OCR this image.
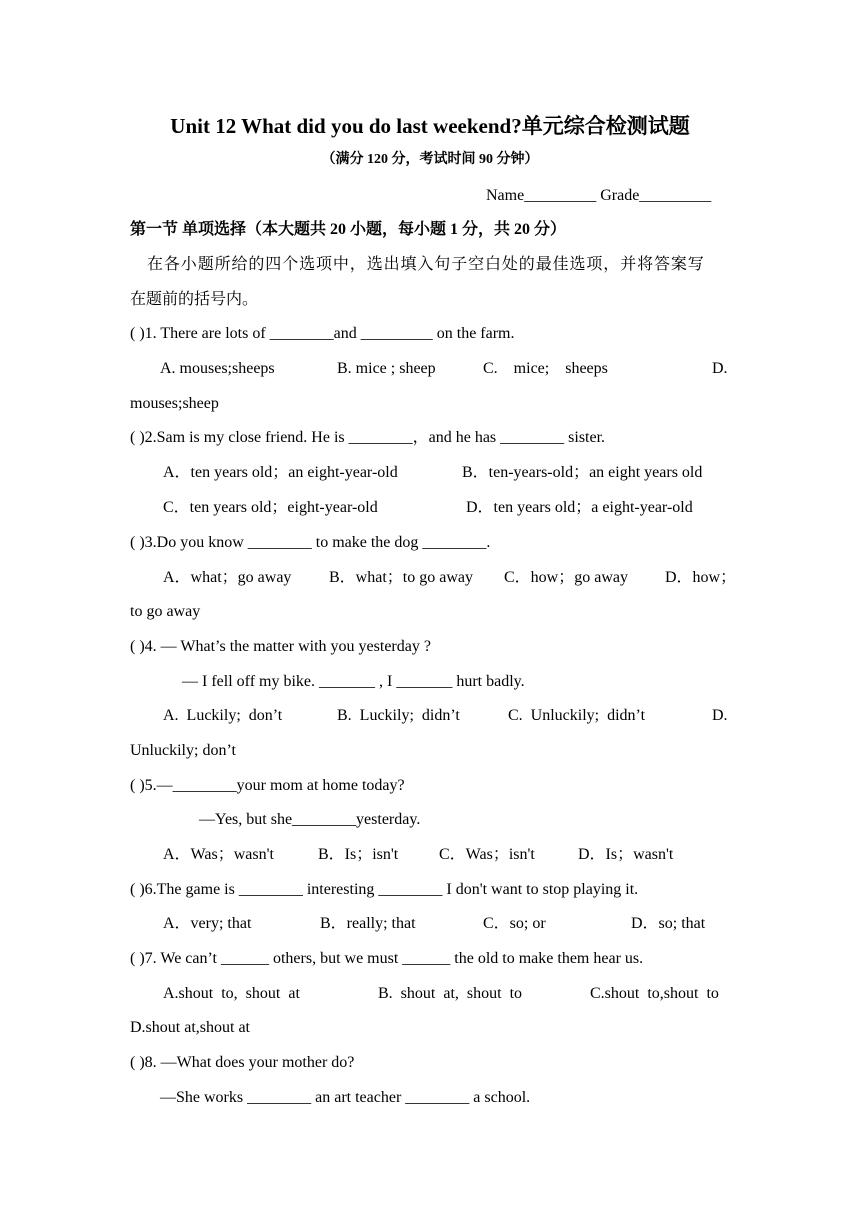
Unit 12 What did you do last weekend?单元综合检测试题
（满分 120 分，考试时间 90 分钟）
Name_________ Grade_________
第一节 单项选择（本大题共 20 小题，每小题 1 分，共 20 分）
在各小题所给的四个选项中，选出填入句子空白处的最佳选项，并将答案写
在题前的括号内。
( )1. There are lots of ________and _________ on the farm.
A. mouses;sheeps	B. mice ; sheep	C.    mice;    sheeps	D.
mouses;sheep
( )2.Sam is my close friend. He is ________，and he has ________ sister.
A．ten years old；an eight-year-old	B．ten-years-old；an eight years old
C．ten years old；eight-year-old	D．ten years old；a eight-year-old
( )3.Do you know ________ to make the dog ________.
A．what；go away B．what；to go away C．how；go away D．how；
to go away
( )4. — What’s the matter with you yesterday ?
— I fell off my bike. _______ , I _______ hurt badly.
A.  Luckily;  don’t	B.  Luckily;  didn’t	C.  Unluckily;  didn’t	D.
Unluckily; don’t
( )5.—________your mom at home today?
—Yes, but she________yesterday.
A．Was；wasn't	B．Is；isn't	C．Was；isn't	D．Is；wasn't
( )6.The game is ________ interesting ________ I don't want to stop playing it.
A．very; that	B．really; that	C．so; or	D．so; that
( )7. We can’t ______ others, but we must ______ the old to make them hear us.
A.shout  to,  shout  at	B.  shout  at,  shout  to	C.shout  to,shout  to
D.shout at,shout at
( )8. —What does your mother do?
—She works ________ an art teacher ________ a school.
